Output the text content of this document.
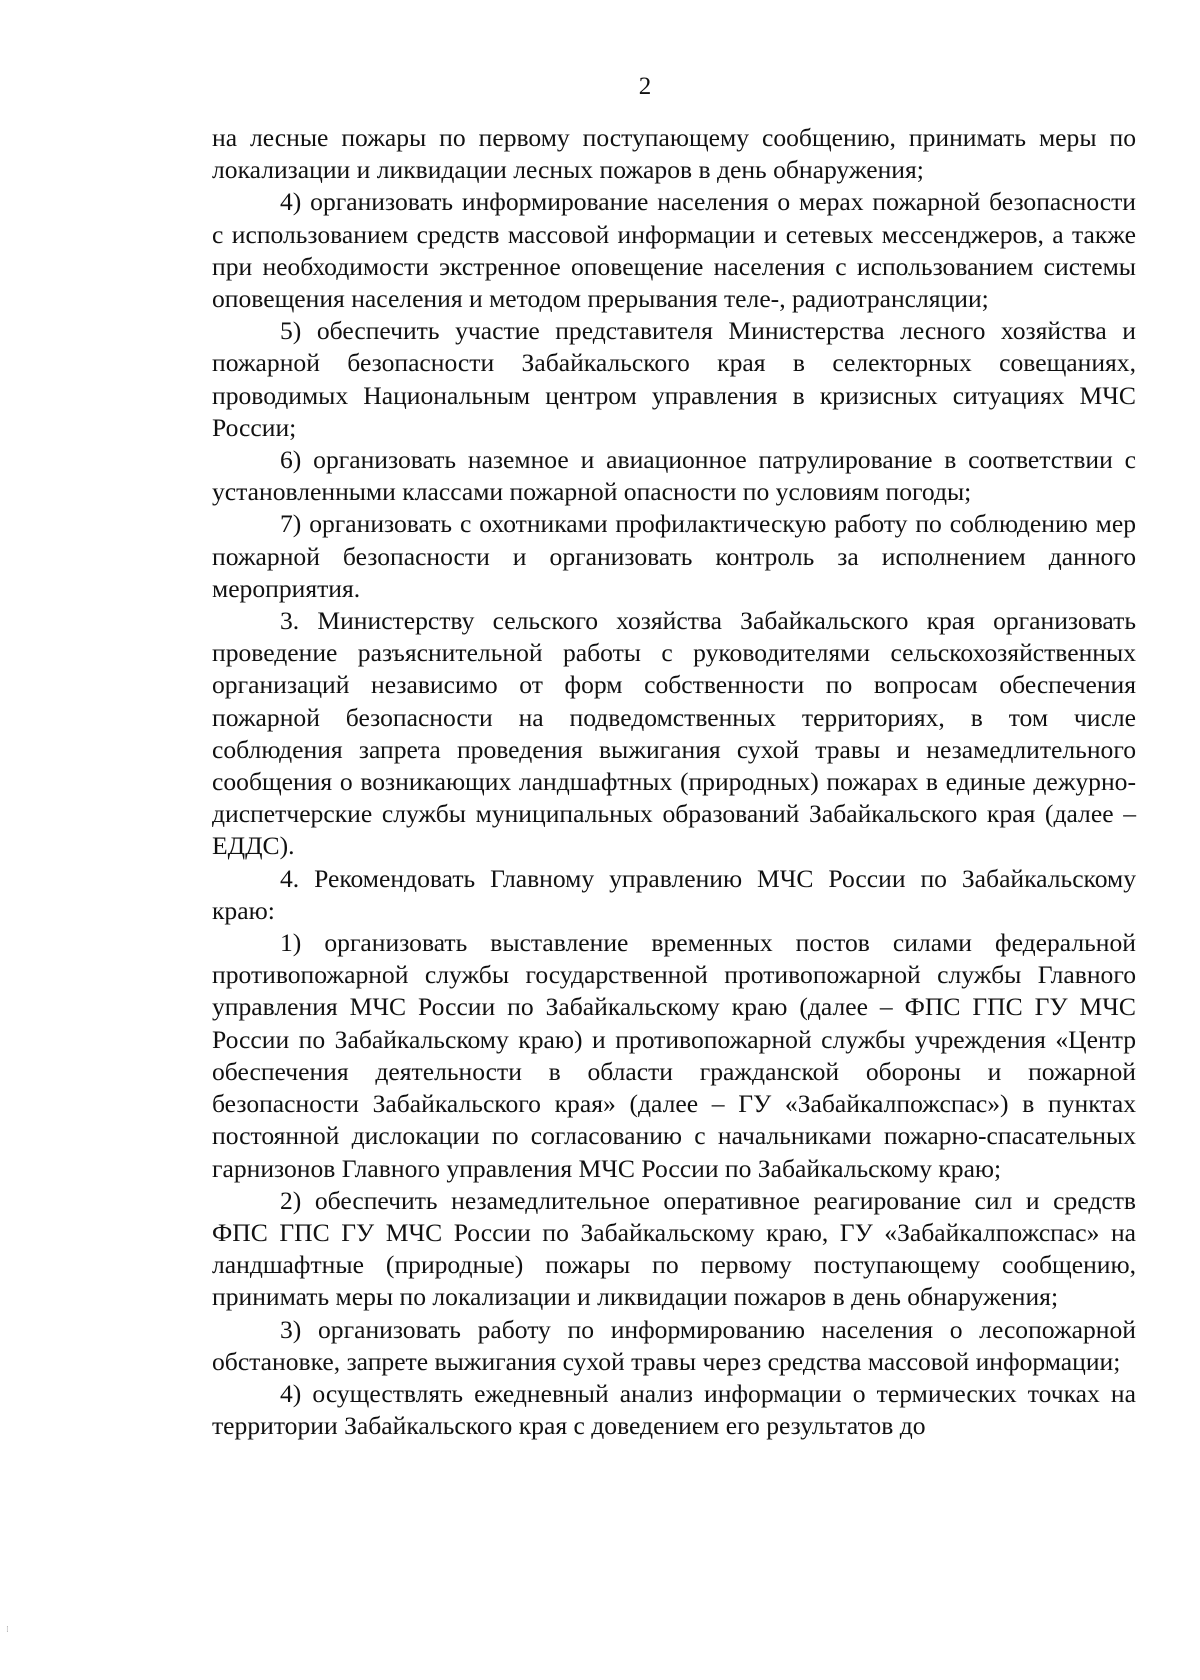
2

на лесные пожары по первому поступающему сообщению, принимать меры по локализации и ликвидации лесных пожаров в день обнаружения;

4) организовать информирование населения о мерах пожарной безопасности с использованием средств массовой информации и сетевых мессенджеров, а также при необходимости экстренное оповещение населения с использованием системы оповещения населения и методом прерывания теле-, радиотрансляции;

5) обеспечить участие представителя Министерства лесного хозяйства и пожарной безопасности Забайкальского края в селекторных совещаниях, проводимых Национальным центром управления в кризисных ситуациях МЧС России;

6) организовать наземное и авиационное патрулирование в соответствии с установленными классами пожарной опасности по условиям погоды;

7) организовать с охотниками профилактическую работу по соблюдению мер пожарной безопасности и организовать контроль за исполнением данного мероприятия.

3. Министерству сельского хозяйства Забайкальского края организовать проведение разъяснительной работы с руководителями сельскохозяйственных организаций независимо от форм собственности по вопросам обеспечения пожарной безопасности на подведомственных территориях, в том числе соблюдения запрета проведения выжигания сухой травы и незамедлительного сообщения о возникающих ландшафтных (природных) пожарах в единые дежурно-диспетчерские службы муниципальных образований Забайкальского края (далее – ЕДДС).

4. Рекомендовать Главному управлению МЧС России по Забайкальскому краю:

1) организовать выставление временных постов силами федеральной противопожарной службы государственной противопожарной службы Главного управления МЧС России по Забайкальскому краю (далее – ФПС ГПС ГУ МЧС России по Забайкальскому краю) и противопожарной службы учреждения «Центр обеспечения деятельности в области гражданской обороны и пожарной безопасности Забайкальского края» (далее – ГУ «Забайкалпожспас») в пунктах постоянной дислокации по согласованию с начальниками пожарно-спасательных гарнизонов Главного управления МЧС России по Забайкальскому краю;

2) обеспечить незамедлительное оперативное реагирование сил и средств ФПС ГПС ГУ МЧС России по Забайкальскому краю, ГУ «Забайкалпожспас» на ландшафтные (природные) пожары по первому поступающему сообщению, принимать меры по локализации и ликвидации пожаров в день обнаружения;

3) организовать работу по информированию населения о лесопожарной обстановке, запрете выжигания сухой травы через средства массовой информации;

4) осуществлять ежедневный анализ информации о термических точках на территории Забайкальского края с доведением его результатов до

⁞
